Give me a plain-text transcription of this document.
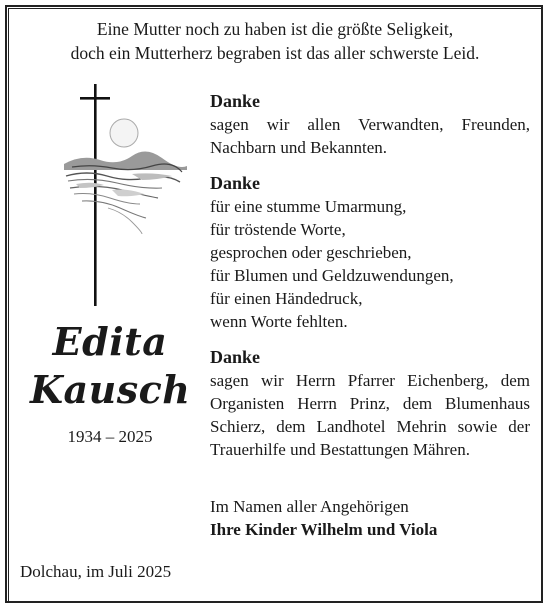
Eine Mutter noch zu haben ist die größte Seligkeit,
doch ein Mutterherz begraben ist das aller schwerste Leid.
Edita
Kausch
1934 – 2025
Danke
sagen wir allen Verwandten, Freunden,
Nachbarn und Bekannten.
Danke
für eine stumme Umarmung,
für tröstende Worte,
gesprochen oder geschrieben,
für Blumen und Geldzuwendungen,
für einen Händedruck,
wenn Worte fehlten.
Danke
sagen wir Herrn Pfarrer Eichenberg, dem
Organisten Herrn Prinz, dem Blumenhaus
Schierz, dem Landhotel Mehrin sowie der
Trauerhilfe und Bestattungen Mähren.
Im Namen aller Angehörigen
Ihre Kinder Wilhelm und Viola
Dolchau, im Juli 2025
